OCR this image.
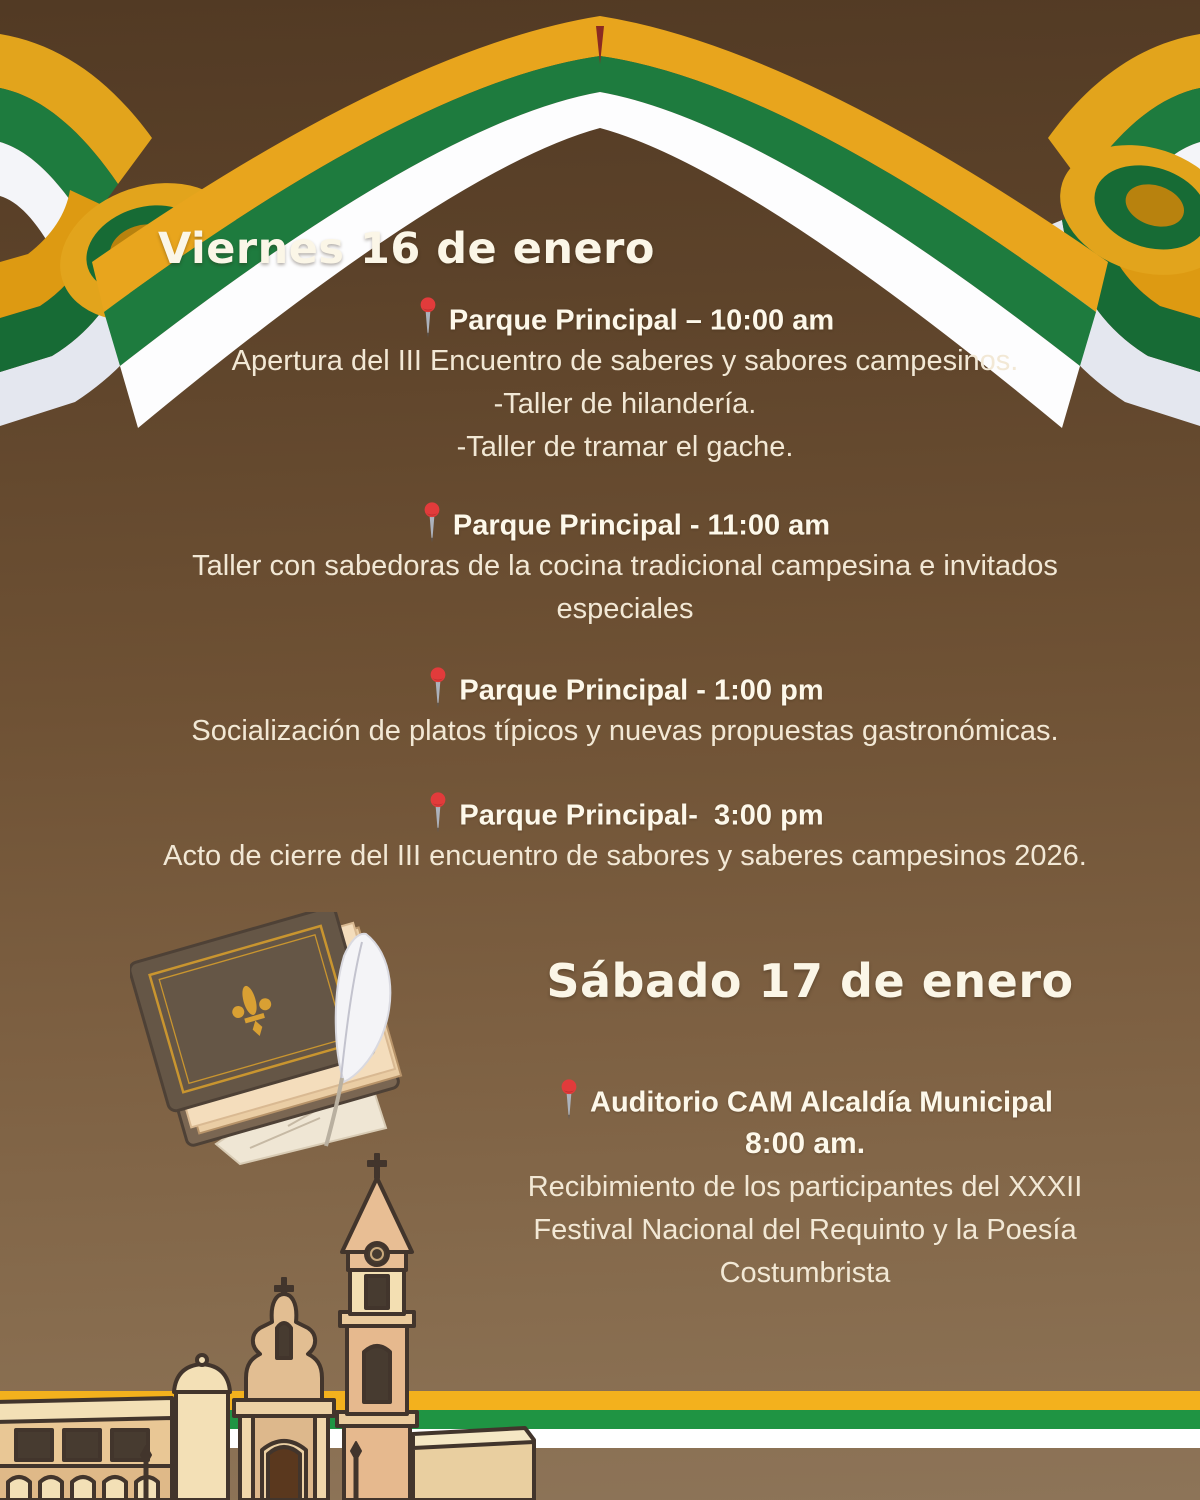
Viernes 16 de enero
Parque Principal – 10:00 am
Apertura del III Encuentro de saberes y sabores campesinos.
-Taller de hilandería.
-Taller de tramar el gache.
Parque Principal - 11:00 am
Taller con sabedoras de la cocina tradicional campesina e invitados
especiales
Parque Principal - 1:00 pm
Socialización de platos típicos y nuevas propuestas gastronómicas.
Parque Principal-  3:00 pm
Acto de cierre del III encuentro de sabores y saberes campesinos 2026.
Sábado 17 de enero
Auditorio CAM Alcaldía Municipal
8:00 am.
Recibimiento de los participantes del XXXII
Festival Nacional del Requinto y la Poesía
Costumbrista
